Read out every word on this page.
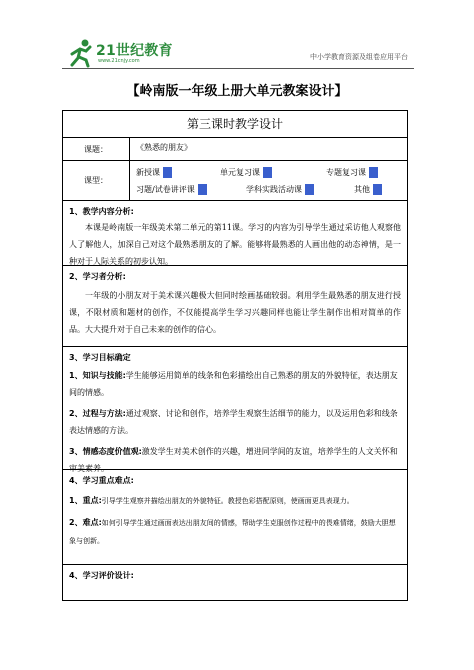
21世纪教育
www.21cnjy.com	中小学教育资源及组卷应用平台
【岭南版一年级上册大单元教案设计】
第三课时教学设计
课题：	《熟悉的朋友》
课型：
新授课	单元复习课	专题复习课
习题/试卷讲评课	学科实践活动课	其他
1、教学内容分析:

本课是岭南版一年级美术第二单元的第11课。学习的内容为引导学生通过采访他人观察他人了解他人，加深自己对这个最熟悉朋友的了解。能够将最熟悉的人画出他的动态神情，是一种对于人际关系的初步认知。

2、学习者分析:

一年级的小朋友对于美术课兴趣极大但同时绘画基础较弱。利用学生最熟悉的朋友进行授课，不限材质和题材的创作，不仅能提高学生学习兴趣同样也能让学生制作出相对简单的作品。大大提升对于自己未来的创作的信心。

3、学习目标确定

1、知识与技能:学生能够运用简单的线条和色彩描绘出自己熟悉的朋友的外貌特征，表达朋友间的情感。

2、过程与方法:通过观察、讨论和创作，培养学生观察生活细节的能力，以及运用色彩和线条表达情感的方法。

3、情感态度价值观:激发学生对美术创作的兴趣，增进同学间的友谊，培养学生的人文关怀和审美素养。

4、学习重点难点:

1、重点:引导学生观察并描绘出朋友的外貌特征。教授色彩搭配原则，使画面更具表现力。

2、难点:如何引导学生通过画面表达出朋友间的情感，帮助学生克服创作过程中的畏难情绪，鼓励大胆想象与创新。

4、学习评价设计:
